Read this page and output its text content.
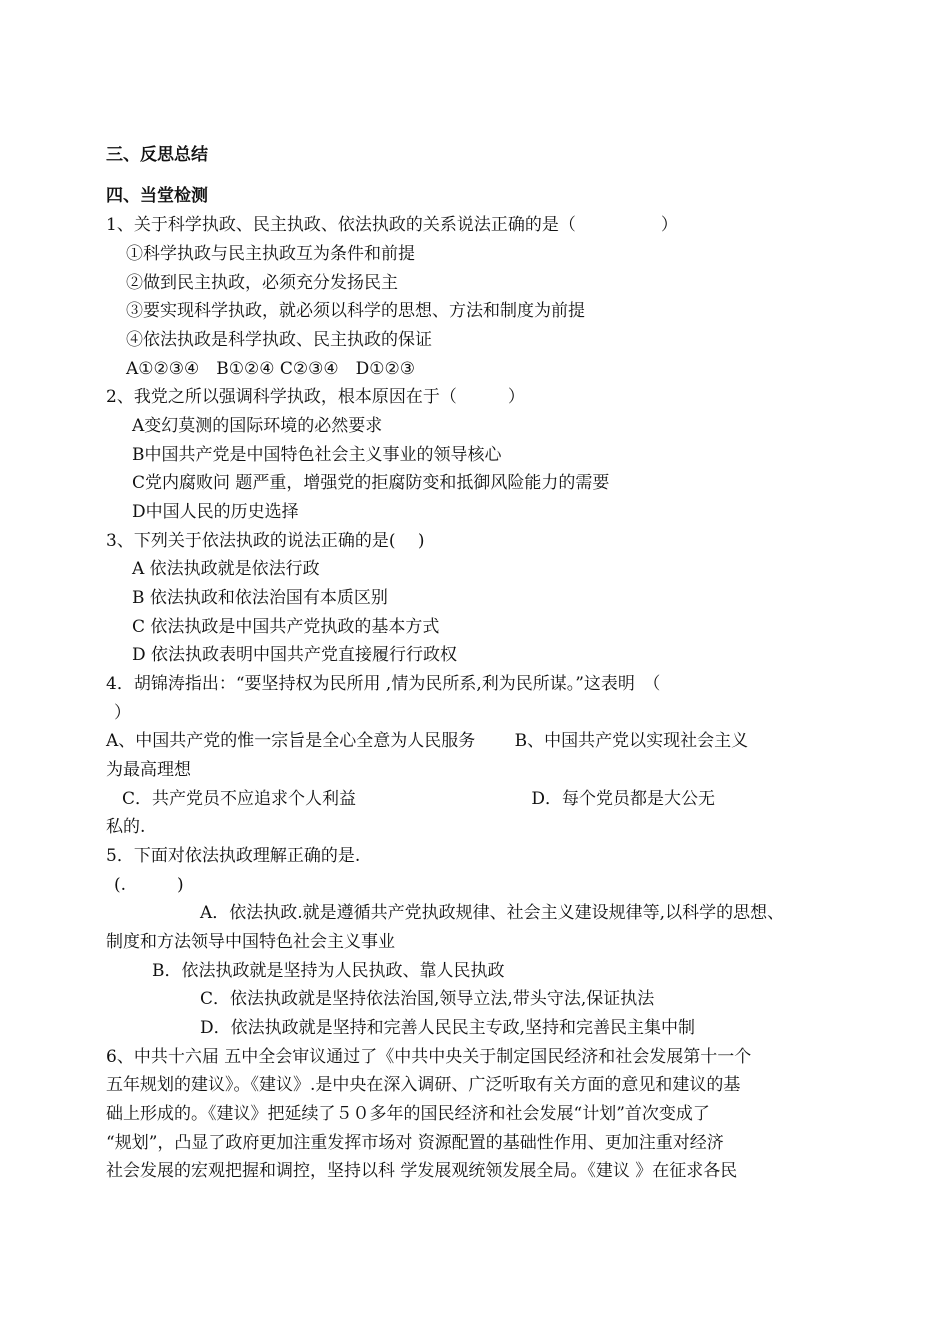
三、反思总结
四、当堂检测
1、关于科学执政、民主执政、依法执政的关系说法正确的是（　　　　　）
①科学执政与民主执政互为条件和前提
②做到民主执政，必须充分发扬民主
③要实现科学执政，就必须以科学的思想、方法和制度为前提
④依法执政是科学执政、民主执政的保证
A①②③④　B①②④ C②③④　D①②③
2、我党之所以强调科学执政，根本原因在于（　　　）
A变幻莫测的国际环境的必然要求
B中国共产党是中国特色社会主义事业的领导核心
C党内腐败问 题严重，增强党的拒腐防变和抵御风险能力的需要
D中国人民的历史选择
3、下列关于依法执政的说法正确的是(　 )
A 依法执政就是依法行政
B 依法执政和依法治国有本质区别
C 依法执政是中国共产党执政的基本方式
D 依法执政表明中国共产党直接履行行政权
4．胡锦涛指出：“要坚持权为民所用 ,情为民所系,利为民所谋。”这表明　（
）
A、中国共产党的惟一宗旨是全心全意为人民服务　　 B、中国共产党以实现社会主义
为最高理想
C．共产党员不应追求个人利益　　　　　　　　　　 D．每个党员都是大公无
私的.
5．下面对依法执政理解正确的是.
(.　　　)
A．依法执政.就是遵循共产党执政规律、社会主义建设规律等,以科学的思想、
制度和方法领导中国特色社会主义事业
B．依法执政就是坚持为人民执政、靠人民执政
C．依法执政就是坚持依法治国,领导立法,带头守法,保证执法
D．依法执政就是坚持和完善人民民主专政,坚持和完善民主集中制
6、中共十六届 五中全会审议通过了《中共中央关于制定国民经济和社会发展第十一个
五年规划的建议》。《建议》.是中央在深入调研、广泛听取有关方面的意见和建议的基
础上形成的。《建议》把延续了５０多年的国民经济和社会发展“计划”首次变成了
“规划”，凸显了政府更加注重发挥市场对 资源配置的基础性作用、更加注重对经济
社会发展的宏观把握和调控，坚持以科 学发展观统领发展全局。《建议 》在征求各民
